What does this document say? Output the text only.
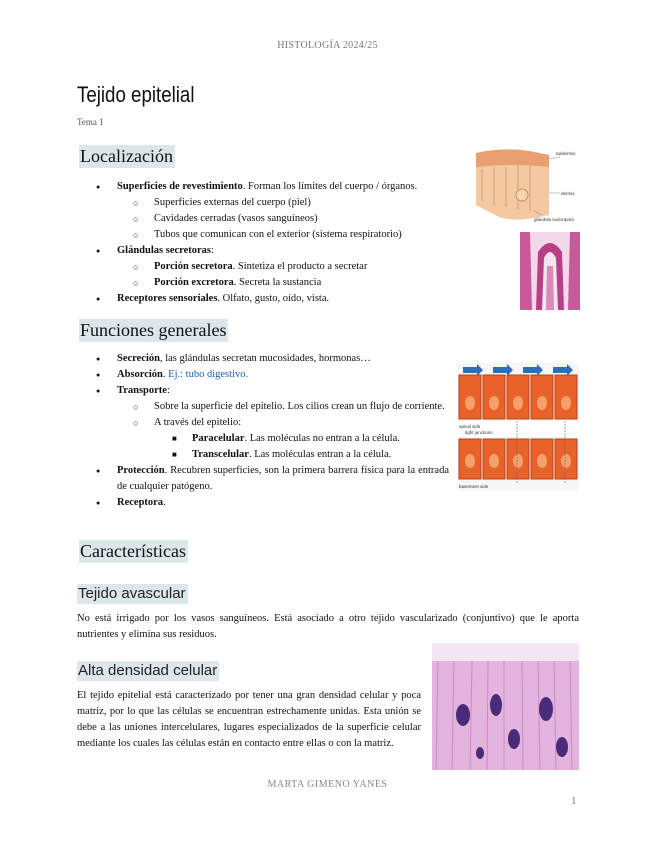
HISTOLOGÍA 2024/25
Tejido epitelial
Tema 1
Localización
● Superficies de revestimiento. Forman los límites del cuerpo / órganos.
○ Superficies externas del cuerpo (piel)
○ Cavidades cerradas (vasos sanguíneos)
○ Tubos que comunican con el exterior (sistema respiratorio)
● Glándulas secretoras:
○ Porción secretora. Sintetiza el producto a secretar
○ Porción excretora. Secreta la sustancia
● Receptores sensoriales. Olfato, gusto, oído, vista.
epidermis
dermis
glándula sudorípara
Funciones generales
● Secreción, las glándulas secretan mucosidades, hormonas…
● Absorción. Ej.: tubo digestivo.
● Transporte:
○ Sobre la superficie del epitelio. Los cilios crean un flujo de corriente.
○ A través del epitelio:
■ Paracelular. Las moléculas no entran a la célula.
■ Transcelular. Las moléculas entran a la célula.
● Protección. Recubren superficies, son la primera barrera física para la entrada de cualquier patógeno.
● Receptora.
apical side
tight junctions
basement side
Características
Tejido avascular
No está irrigado por los vasos sanguíneos. Está asociado a otro tejido vascularizado (conjuntivo) que le aporta nutrientes y elimina sus residuos.
Alta densidad celular
El tejido epitelial está caracterizado por tener una gran densidad celular y poca matriz, por lo que las células se encuentran estrechamente unidas. Esta unión se debe a las uniones intercelulares, lugares especializados de la superficie celular mediante los cuales las células están en contacto entre ellas o con la matriz.
MARTA GIMENO YANES
1
